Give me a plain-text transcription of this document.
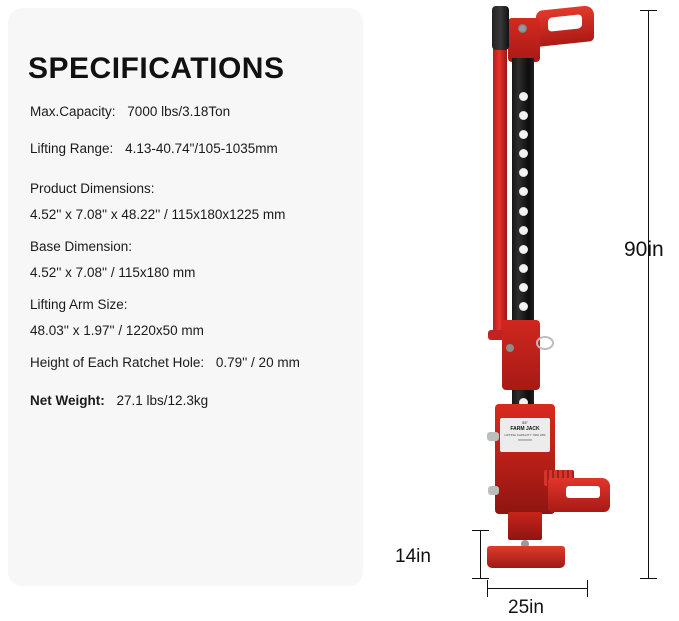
SPECIFICATIONS
Max.Capacity: 7000 lbs/3.18Ton
Lifting Range: 4.13-40.74"/105-1035mm
Product Dimensions:
4.52'' x 7.08'' x 48.22'' / 115x180x1225 mm
Base Dimension:
4.52'' x 7.08'' / 115x180 mm
Lifting Arm Size:
48.03'' x 1.97'' / 1220x50 mm
Height of Each Ratchet Hole: 0.79'' / 20 mm
Net Weight: 27.1 lbs/12.3kg
53"
FARM JACK
LIFTING CAPACITY 7000 LBS
XXXXXXX
90in
14in
25in
